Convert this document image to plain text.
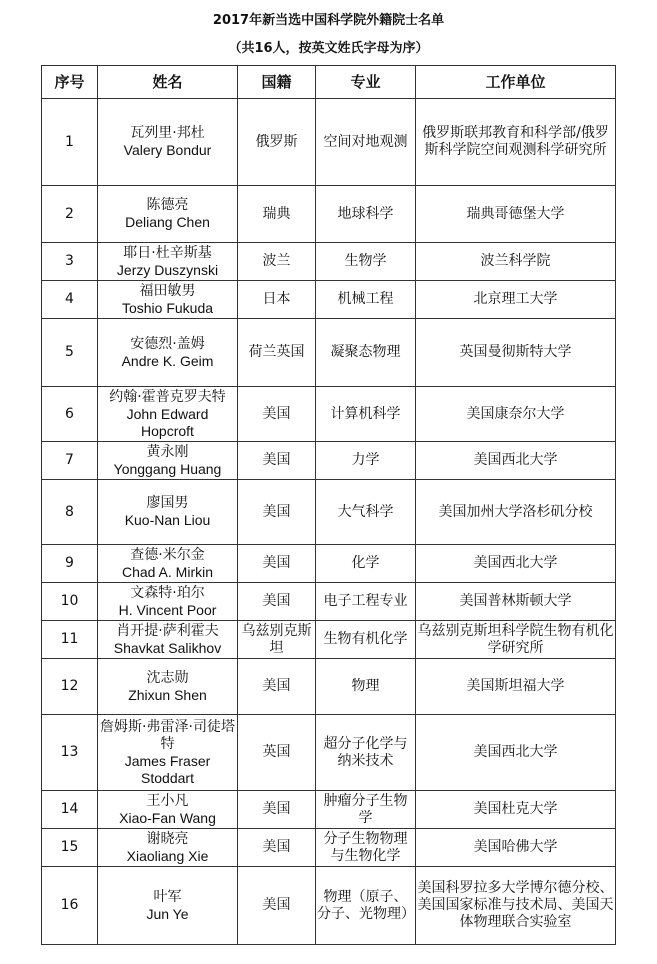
2017年新当选中国科学院外籍院士名单
（共16人，按英文姓氏字母为序）
序号	姓名	国籍	专业	工作单位
1	瓦列里·邦杜
Valery Bondur	俄罗斯	空间对地观测	俄罗斯联邦教育和科学部/俄罗斯科学院空间观测科学研究所
2	陈德亮
Deliang Chen	瑞典	地球科学	瑞典哥德堡大学
3	耶日·杜辛斯基
Jerzy Duszynski	波兰	生物学	波兰科学院
4	福田敏男
Toshio Fukuda	日本	机械工程	北京理工大学
5	安德烈·盖姆
Andre K. Geim	荷兰英国	凝聚态物理	英国曼彻斯特大学
6	约翰·霍普克罗夫特
John Edward Hopcroft	美国	计算机科学	美国康奈尔大学
7	黄永刚
Yonggang Huang	美国	力学	美国西北大学
8	廖国男
Kuo-Nan Liou	美国	大气科学	美国加州大学洛杉矶分校
9	查德·米尔金
Chad A. Mirkin	美国	化学	美国西北大学
10	文森特·珀尔
H. Vincent Poor	美国	电子工程专业	美国普林斯顿大学
11	肖开提·萨利霍夫
Shavkat Salikhov	乌兹别克斯坦	生物有机化学	乌兹别克斯坦科学院生物有机化学研究所
12	沈志勋
Zhixun Shen	美国	物理	美国斯坦福大学
13	詹姆斯·弗雷泽·司徒塔特
James Fraser Stoddart	英国	超分子化学与纳米技术	美国西北大学
14	王小凡
Xiao-Fan Wang	美国	肿瘤分子生物学	美国杜克大学
15	谢晓亮
Xiaoliang Xie	美国	分子生物物理与生物化学	美国哈佛大学
16	叶军
Jun Ye	美国	物理（原子、分子、光物理）	美国科罗拉多大学博尔德分校、美国国家标准与技术局、美国天体物理联合实验室
